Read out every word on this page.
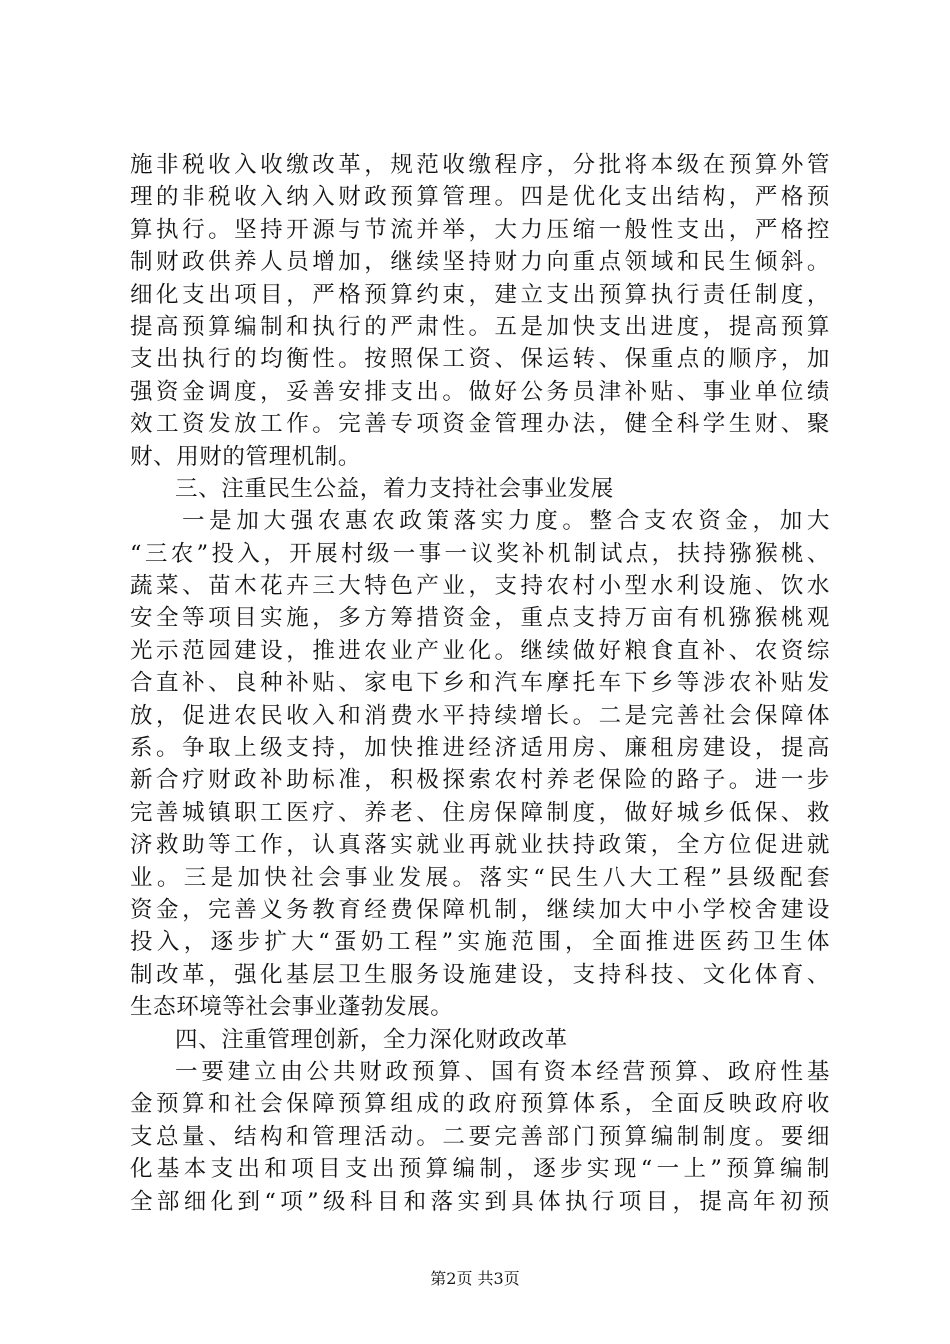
施非税收入收缴改革，规范收缴程序，分批将本级在预算外管
理的非税收入纳入财政预算管理。四是优化支出结构，严格预
算执行。坚持开源与节流并举，大力压缩一般性支出，严格控
制财政供养人员增加，继续坚持财力向重点领域和民生倾斜。
细化支出项目，严格预算约束，建立支出预算执行责任制度，
提高预算编制和执行的严肃性。五是加快支出进度，提高预算
支出执行的均衡性。按照保工资、保运转、保重点的顺序，加
强资金调度，妥善安排支出。做好公务员津补贴、事业单位绩
效工资发放工作。完善专项资金管理办法，健全科学生财、聚
财、用财的管理机制。
三、注重民生公益，着力支持社会事业发展
一是加大强农惠农政策落实力度。整合支农资金，加大
“三农”投入，开展村级一事一议奖补机制试点，扶持猕猴桃、
蔬菜、苗木花卉三大特色产业，支持农村小型水利设施、饮水
安全等项目实施，多方筹措资金，重点支持万亩有机猕猴桃观
光示范园建设，推进农业产业化。继续做好粮食直补、农资综
合直补、良种补贴、家电下乡和汽车摩托车下乡等涉农补贴发
放，促进农民收入和消费水平持续增长。二是完善社会保障体
系。争取上级支持，加快推进经济适用房、廉租房建设，提高
新合疗财政补助标准，积极探索农村养老保险的路子。进一步
完善城镇职工医疗、养老、住房保障制度，做好城乡低保、救
济救助等工作，认真落实就业再就业扶持政策，全方位促进就
业。三是加快社会事业发展。落实“民生八大工程”县级配套
资金，完善义务教育经费保障机制，继续加大中小学校舍建设
投入，逐步扩大“蛋奶工程”实施范围，全面推进医药卫生体
制改革，强化基层卫生服务设施建设，支持科技、文化体育、
生态环境等社会事业蓬勃发展。
四、注重管理创新，全力深化财政改革
一要建立由公共财政预算、国有资本经营预算、政府性基
金预算和社会保障预算组成的政府预算体系，全面反映政府收
支总量、结构和管理活动。二要完善部门预算编制制度。要细
化基本支出和项目支出预算编制，逐步实现“一上”预算编制
全部细化到“项”级科目和落实到具体执行项目，提高年初预
第2页 共3页
